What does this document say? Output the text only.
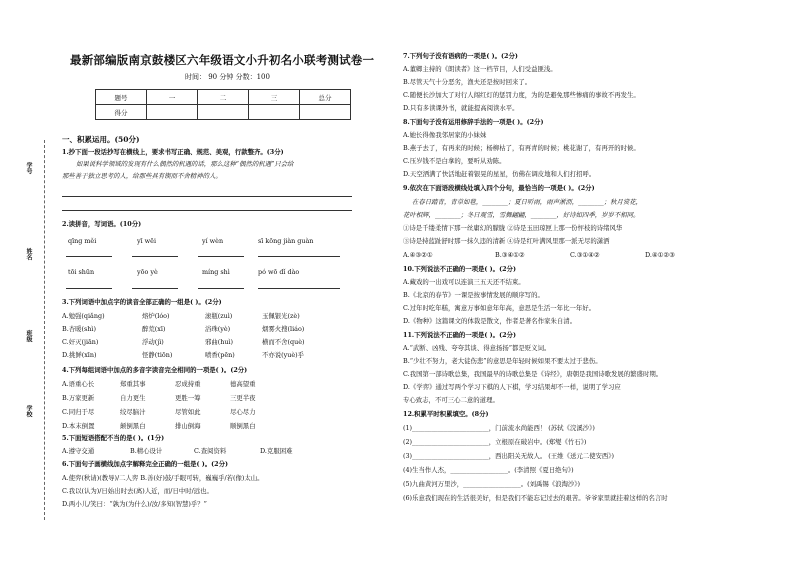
最新部编版南京鼓楼区六年级语文小升初名小联考测试卷一
时间： 90 分钟 分数：100
题号	一	二	三	总分
得分				
学号
姓名
班级
学校
一、积累运用。(50分)
1.抄下面一段话抄写在横线上，要求书写正确、规范、美观，行款整齐。(3分)
如果说科学领域的发现有什么偶然的机遇的话，那么这种“偶然的机遇”只会给
那些善于独立思考的人，给那些具有锲而不舍精神的人。
2.读拼音，写词语。(10分)
qīng měi	yī wēi	yí wèn	sī kōng jiàn guàn
tōi shūn	yōo yè	míng shì	pó wō dǐ dào
3.下列词语中加点字的读音全部正确的一组是( )。(2分)
A.勉强(qiǎng)	熔炉(lóo)	滚瓶(zuì)	玉佩银光(zè)
B.杏暖(shì)	醉荒(xī)	浴珠(yè)	烟雾火搜(liáo)
C.奸灭(jiān)	浮动(jì)	邪曲(huì)	横而不舍(què)
D.挑鲜(xīn)	怪静(tiōn)	喷香(pēn)	不亦说(yuè)乎
4.下列每组词语中加点的多音字读音完全相同的一项是( )。(2分)
A.语重心长	郑重其事	忍成持重	德高望重
B.万家更新	自力更生	更胜一筹	三更半夜
C.同归于尽	绞尽脑汁	尽管如此	尽心尽力
D.本末倒置	颠倒黑白	排山倒海	顺倒黑白
5.下面短语搭配不当的是( )。(1分)
A.遵守交通	B.精心设计	C.查阅资料	D.克服困难
6.下面句子画横线加点字解释完全正确的一组是( )。(2分)
A.使弈(秋请)(教导)/二人弈 B.善(好)鼓/手眼可转，巍巍乎/若(像)太山。
C.我以(认为)/日始出时去(离)人近，而/日中时/远也。
D.两小儿/笑曰：“孰为(为什么)/汝/多知(智慧)乎？”
7.下列句子没有语病的一项是( )。(2分)
A.董卿主持的《朗读者》这一档节目，人们受益匪浅。
B.尽管天气十分恶劣，渔夫还是按时回来了。
C.随便长沙加大了对行人闯红灯的惩罚力度，为的是避免那些惨痛的事故不再发生。
D.只有多读课外书，就能提高阅读水平。
8.下面句子没有运用修辞手法的一项是( )。(2分)
A.她长得像我邻居家的小妹妹
B.燕子去了，有再来的时候；杨柳枯了，有再青的时候；桃花谢了，有再开的时候。
C.压岁钱不是白拿的，要听从劝陈。
D.天空洒满了快活地赶着银晃的星星，仿佛在调皮地和人们打招呼。
9.依次在下面语段横线处填入四个分句，最恰当的一项是( )。(2分)
在春日踏青，青草如毯，________；夏日听雨，雨声淅沥，________；秋月赏花，
花叶相辉，________；冬日观雪，雪舞翩翩，________，好诗如四季，岁岁不相同。
①诗是千缕柔情下那一丝庸幻的朦胧 ②诗是玉田琼匣上那一份怦枝的诗绪风华
③诗是持蓝趾舒时那一抹久违的清新 ④诗是红叶满风里那一派无尽的潇洒
A.④③②①	B.③④①②	C.③①④②	D.④①②③
10.下列说法不正确的一项是( )。(2分)
A.藏戏的一出戏可以连演三五天还不结束。
B.《北京的春节》一课是按事情发展的顺序写的。
C.过年时吃年糕，寓意万事如意年年高，意思是生活一年比一年好。
D.《物种》这篇课文的体裁是散文，作者是著名作家朱自清。
11.下列说法不正确的一项是( )。(2分)
A.“武断、凶残、夸夸其谈、得意扬扬”都是贬义词。
B.“少壮不努力，老大徒伤悲”的意思是年轻时候如果不要太过于悲伤。
C.我国第一部诗歌总集，我国最早的诗歌总集是《诗经》，唐朝是我国诗歌发展的繁盛时期。
D.《学弈》通过写两个学习下棋的人下棋，学习结果却不一样，说明了学习应
专心致志，不可三心二意的道理。
12.积累平时积累填空。(8分)
(1)________________________，门前流水尚能西！ (苏轼《浣溪沙》)
(2)________________________，立根原在破岩中。(郑燮《竹石》)
(3)________________________，西出阳关无故人。 (王维《送元二使安西》)
(4)生当作人杰，__________________。(李清照《夏日绝句》)
(5)九曲黄河万里沙，__________________。(刘禹锡《浪淘沙》)
(6)乐意我们现在的生活很美好，但是我们不能忘记过去的艰苦。爷爷家里就挂着这样的名言时
